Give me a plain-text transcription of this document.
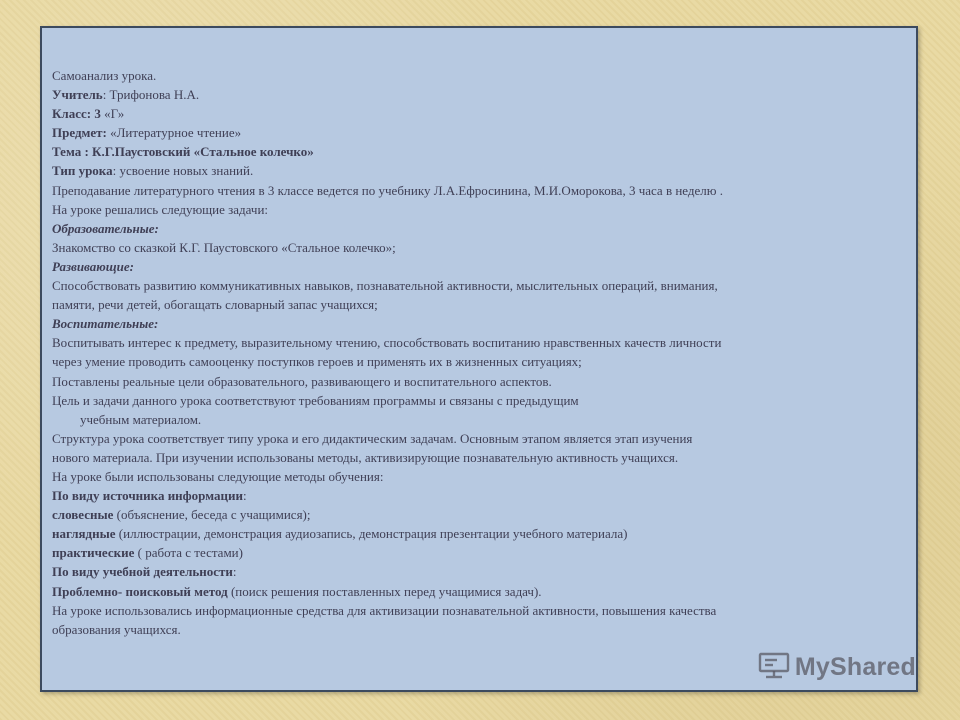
Самоанализ урока.
Учитель: Трифонова Н.А.
Класс: 3 «Г»
Предмет: «Литературное чтение»
Тема : К.Г.Паустовский «Стальное колечко»
Тип урока: усвоение новых знаний.
Преподавание литературного чтения в 3 классе ведется по учебнику Л.А.Ефросинина, М.И.Оморокова, 3 часа в неделю .
На уроке решались следующие задачи:
Образовательные:
Знакомство со сказкой К.Г. Паустовского «Стальное колечко»;
Развивающие:
Способствовать развитию коммуникативных навыков, познавательной активности, мыслительных операций, внимания,
памяти, речи детей, обогащать словарный запас учащихся;
Воспитательные:
Воспитывать интерес к предмету, выразительному чтению, способствовать воспитанию нравственных качеств личности
через умение проводить самооценку поступков героев и применять их в жизненных ситуациях;
Поставлены реальные цели образовательного, развивающего и воспитательного аспектов.
Цель и задачи данного урока соответствуют требованиям программы и связаны с предыдущим
учебным материалом.
Структура урока соответствует типу урока и его дидактическим задачам. Основным этапом является этап изучения
нового материала. При изучении использованы методы, активизирующие познавательную активность учащихся.
На уроке были использованы следующие методы обучения:
По виду источника информации:
словесные (объяснение, беседа с учащимися);
наглядные (иллюстрации, демонстрация аудиозапись, демонстрация презентации учебного материала)
практические ( работа с тестами)
По виду учебной деятельности:
Проблемно- поисковый метод (поиск решения поставленных перед учащимися задач).
На уроке использовались информационные средства для активизации познавательной активности, повышения качества
образования учащихся.
MyShared
